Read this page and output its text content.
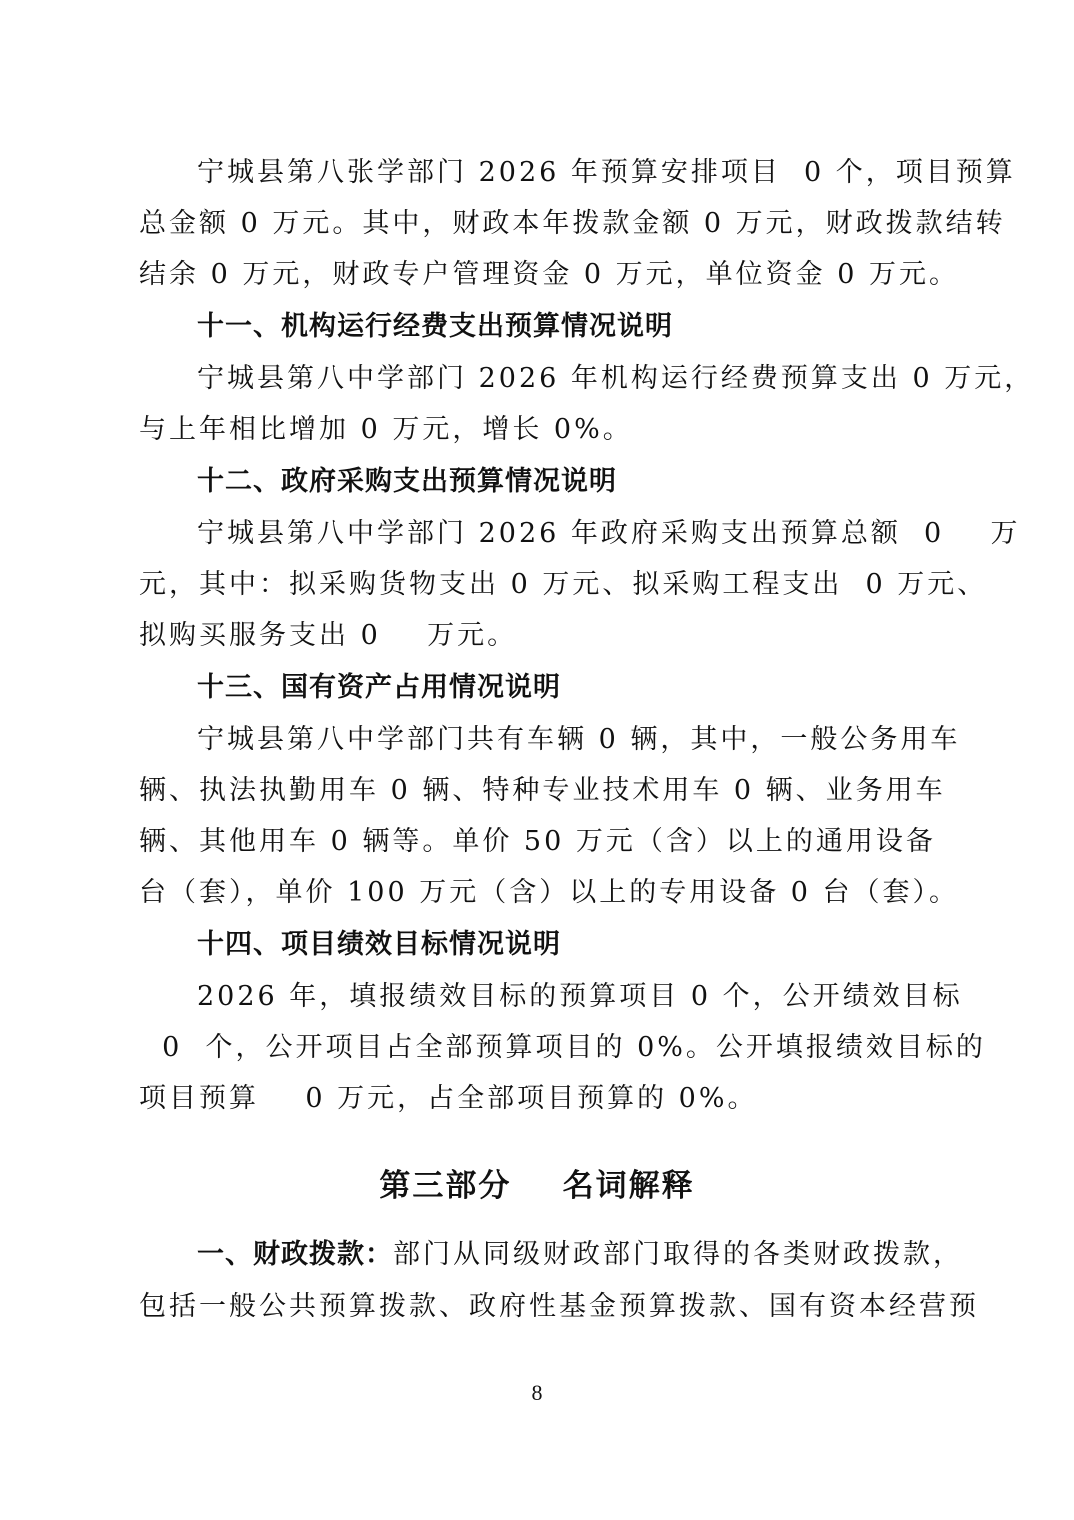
宁城县第八张学部门 2026 年预算安排项目  0 个，项目预算
总金额 0 万元。其中，财政本年拨款金额 0 万元，财政拨款结转
结余 0 万元，财政专户管理资金 0 万元，单位资金 0 万元。
十一、机构运行经费支出预算情况说明
宁城县第八中学部门 2026 年机构运行经费预算支出 0 万元，
与上年相比增加 0 万元，增长 0%。
十二、政府采购支出预算情况说明
宁城县第八中学部门 2026 年政府采购支出预算总额  0    万
元，其中：拟采购货物支出 0 万元、拟采购工程支出  0 万元、
拟购买服务支出 0    万元。
十三、国有资产占用情况说明
宁城县第八中学部门共有车辆 0 辆，其中，一般公务用车
辆、执法执勤用车 0 辆、特种专业技术用车 0 辆、业务用车
辆、其他用车 0 辆等。单价 50 万元（含）以上的通用设备
台（套），单价 100 万元（含）以上的专用设备 0 台（套）。
十四、项目绩效目标情况说明
2026 年，填报绩效目标的预算项目 0 个，公开绩效目标
0  个，公开项目占全部预算项目的 0%。公开填报绩效目标的
项目预算    0 万元，占全部项目预算的 0%。
第三部分    名词解释
一、财政拨款：部门从同级财政部门取得的各类财政拨款，
包括一般公共预算拨款、政府性基金预算拨款、国有资本经营预
8
